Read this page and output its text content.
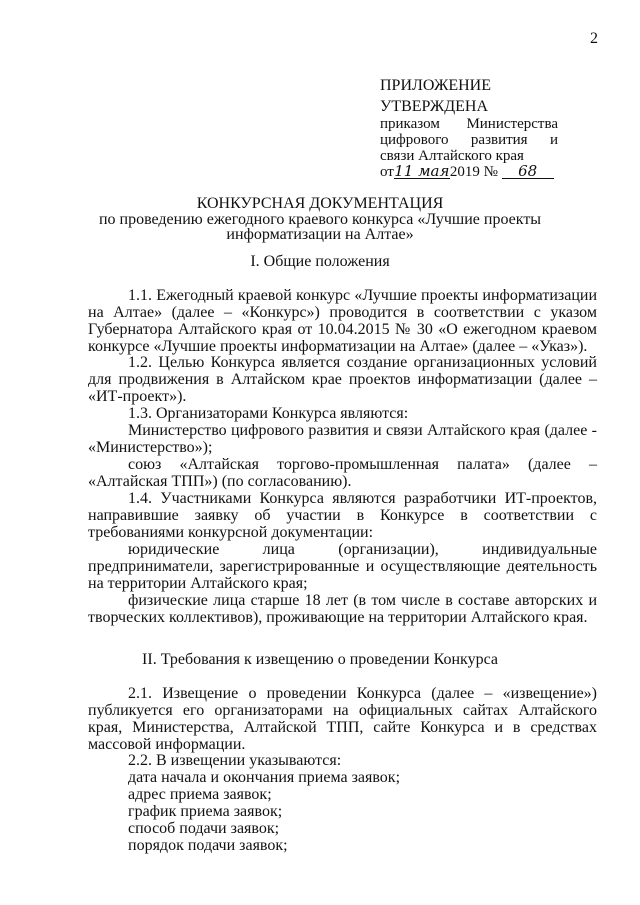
2
ПРИЛОЖЕНИЕ
УТВЕРЖДЕНА
приказом Министерства
цифрового развития и
связи Алтайского края
от11 мая2019 № 68
КОНКУРСНАЯ ДОКУМЕНТАЦИЯ
по проведению ежегодного краевого конкурса «Лучшие проекты
информатизации на Алтае»
I. Общие положения
1.1. Ежегодный краевой конкурс «Лучшие проекты информатизации на Алтае» (далее – «Конкурс») проводится в соответствии с указом Губернатора Алтайского края от 10.04.2015 № 30 «О ежегодном краевом конкурсе «Лучшие проекты информатизации на Алтае» (далее – «Указ»).
1.2. Целью Конкурса является создание организационных условий для продвижения в Алтайском крае проектов информатизации (далее – «ИТ-проект»).
1.3. Организаторами Конкурса являются:
Министерство цифрового развития и связи Алтайского края (далее - «Министерство»);
союз «Алтайская торгово-промышленная палата» (далее – «Алтайская ТПП») (по согласованию).
1.4. Участниками Конкурса являются разработчики ИТ-проектов, направившие заявку об участии в Конкурсе в соответствии с требованиями конкурсной документации:
юридические лица (организации), индивидуальные предприниматели, зарегистрированные и осуществляющие деятельность на территории Алтайского края;
физические лица старше 18 лет (в том числе в составе авторских и творческих коллективов), проживающие на территории Алтайского края.
II. Требования к извещению о проведении Конкурса
2.1. Извещение о проведении Конкурса (далее – «извещение») публикуется его организаторами на официальных сайтах Алтайского края, Министерства, Алтайской ТПП, сайте Конкурса и в средствах массовой информации.
2.2. В извещении указываются:
дата начала и окончания приема заявок;
адрес приема заявок;
график приема заявок;
способ подачи заявок;
порядок подачи заявок;
